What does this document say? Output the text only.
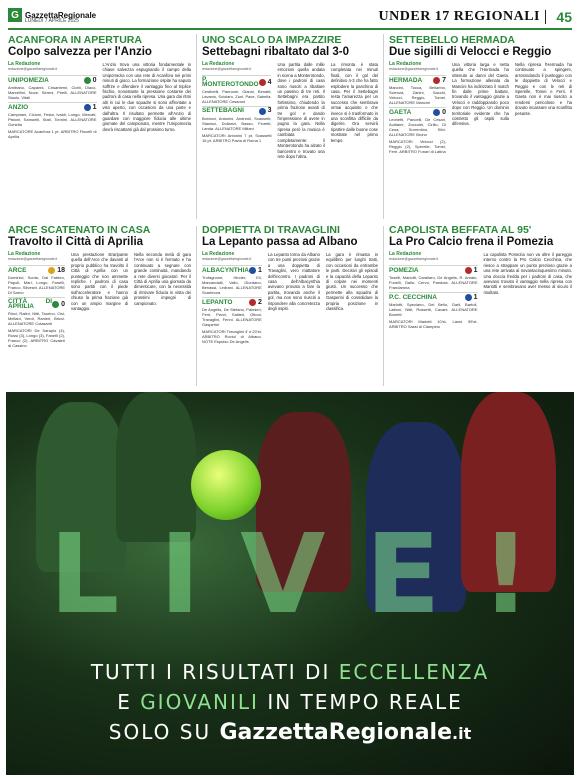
G GazzettaRegionale
LUNEDÌ 7 APRILE 2025	UNDER 17 REGIONALI 45
ACANFORA IN APERTURA
Colpo salvezza per l'Anzio
La Redazione
redazione@gazzettaregionale.it
UNIPOMEZIA	0
Amitrano, Capanni, Crisantemi, Ciotti, Diaco, Marcellini, Noce, Sereni, Pirelli. ALLENATORE Siaolo. Vitali
ANZIO	1
Campriani, Cicioni, Festa, Ivaldi, Longo, Mercati, Pistoni, Samuelli, Stati, Tonnini. ALLENATORE Gonella
MARCATORE Acanfora 1 pt. ARBITRO Fiscelli di Aprilia
L'Anzio trova una vittoria fondamentale in chiave salvezza espugnando il campo della Unipomezia con una rete di Acanfora nei primi minuti di gioco. La formazione ospite ha saputo soffrire e difendere il vantaggio fino al triplice fischio, nonostante la pressione costante dei padroni di casa nella ripresa. Una gara dai ritmi alti in cui le due squadre si sono affrontate a viso aperto, con occasioni da una parte e dall'altra. Il risultato permette all'Anzio di guardare con maggiore fiducia alle ultime giornate del campionato, mentre l'Unipomezia dovrà riscattarsi già dal prossimo turno.
UNO SCALO DA IMPAZZIRE
Settebagni ribaltato dal 3-0
La Redazione
redazione@gazzettaregionale.it
P. MONTEROTONDO 4
Cestinelli, Pannone, Gianni, Benatti, Lavanio, Sciolaro, Zuni, Pace, Sabella. ALLENATORE Cesaroni
SETTEBAGNI	3
Bordoni, Antonini, Andreoli, Scassetti, Stanisci, Dollarizi, Basso, Fioretti, Landa. ALLENATORE Miliani
MARCATORI Antonini 7 pt, Scassetti 16 pt. ARBITRO Pavia di Roma 1
Una partita dalle mille emozioni quella andata in scena a Monterotondo, dove i padroni di casa sono riusciti a ribaltare un passivo di tre reti. Il Settebagni era partito fortissimo, chiudendo la prima frazione avanti di tre gol e dando l'impressione di avere in pugno la gara. Nella ripresa però la musica è cambiata completamente: il Monterotondo ha alzato il baricentro e trovato una rete dopo l'altra.
La rimonta è stata completata nei minuti finali, con il gol del definitivo 4-3 che ha fatto esplodere la panchina di casa. Per il Settebagni resta l'amarezza per un successo che sembrava ormai acquisito e che invece si è trasformato in una sconfitta difficile da digerire. Ora servirà ripartire dalle buone cose mostrate nel primo tempo.
SETTEBELLO HERMADA
Due sigilli di Velocci e Reggio
La Redazione
redazione@gazzettaregionale.it
HERMADA	7
Mancini, Tocca, Bellarino, Scienza, Zanini, Sacchi, Velocci, Reggio, Tomei. ALLENATORE Mancini
GAETA	0
Leonetti, Pancelli, De Cesari, Aulitane, Zoccolei, Cirillo, Di Cesa, Sorrentino, Silvi. ALLENATORE Bruno
MARCATORI Velocci (2), Reggio (2), Sperelle, Tomei, Ferri. ARBITRO Funari di Latina
Una vittoria larga e netta quella che l'Hermada ha ottenuto ai danni del Gaeta. La formazione allenata da Mancini ha indirizzato il match fin dalle prime battute, trovando il vantaggio grazie a Velocci e raddoppiando poco dopo con Reggio. Un dominio territoriale evidente che ha costretto gli ospiti sulla difensiva.
Nella ripresa l'Hermada ha continuato a spingere, arrotondando il punteggio con le doppiette di Velocci e Reggio e con le reti di Sperelle, Tomei e Ferri. Il Gaeta non è mai riuscito a rendersi pericoloso e ha dovuto incassare una sconfitta pesante.
ARCE SCATENATO IN CASA
Travolto il Città di Aprilia
La Redazione
redazione@gazzettaregionale.it
ARCE	18
Dominici, Sonia, Dal Fabbro, Papoli, Mari, Longo, Fanelli, Franco, Silvestri. ALLENATORE Di Sarrio
CITTÀ DI APRILIA	0
Rinci, Ratini, Nitti, Taurino, Cisi, Mellani, Verdi, Ranieri, Bricci. ALLENATORE Colasanti
MARCATORI De Sarapio (4), Rossi (3), Longo (3), Fanelli (2), Franco (2). ARBITRO Cavaleri di Cassino
Una prestazione straripante quella dell'Arce che davanti al proprio pubblico ha travolto il Città di Aprilia con un punteggio che non ammette repliche. I padroni di casa sono partiti con il piede sull'acceleratore e hanno chiuso la prima frazione già con un ampio margine di vantaggio.
Nella seconda metà di gara l'Arce non si è fermato e ha continuato a segnare con grande continuità, mandando a rete diversi giocatori. Per il Città di Aprilia una giornata da dimenticare, con la necessità di ritrovare fiducia in vista dei prossimi impegni di campionato.
DOPPIETTA DI TRAVAGLINI
La Lepanto passa ad Albano
La Redazione
redazione@gazzettaregionale.it
ALBACYNTHIA 1
Trofagnone, Hinder, Eli, Marcandalli, Vallo, Giordano, Benassi, Ledrani. ALLENATORE Scarimora
LEPANTO	2
De Angelis, De Stefano, Palmieri, Ferri, Pezzi, Saltieri, Ottoni, Travaglini, Fenni. ALLENATORE Gasperini
MARCATORI Travaglini 4' e 20'st. ARBITRO Roviul di Albano. NOTE Espulso De Angelis
La Lepanto torna da Albano con tre punti preziosi grazie a una doppietta di Travaglini, vero mattatore dell'incontro. I padroni di casa dell'Albacynthia avevano provato a fare la partita, trovando anche il gol, ma non sono riusciti a rispondere alla concretezza degli ospiti.
La gara è rimasta in equilibrio per lunghi tratti, con occasioni da entrambe le parti. Decisivi gli episodi e la capacità della Lepanto di colpire nei momenti giusti. Un successo che permette alla squadra di Gasperini di consolidare la propria posizione in classifica.
CAPOLISTA BEFFATA AL 95'
La Pro Calcio frena il Pomezia
La Redazione
redazione@gazzettaregionale.it
POMEZIA	1
Toselli, Mariotti, Carallaro, De Angelis, R. Amato, Funelli, Gallo, Cervo, Pandola. ALLENATORE Frandamna
P.C. CECCHINA	1
Mariotti, Speziano, Del Bello, Garli, Bartoli, Lattoni, Nitti, Rossetti, Cavani. ALLENATORE Bonetti
MARCATORI Mariotti 10'st, Lanni 95'st. ARBITRO Sassi di Ciampino
La capolista Pomezia non va oltre il pareggio interno contro la Pro Calcio Cecchina, che riesce a strappare un punto prezioso grazie a una rete arrivata al novantacinquesimo minuto. Una doccia fredda per i padroni di casa, che avevano trovato il vantaggio nella ripresa con Mariotti e sembravano aver messo al sicuro il risultato.
L I V E !
TUTTI I RISULTATI DI ECCELLENZA
E GIOVANILI IN TEMPO REALE
SOLO SU GazzettaRegionale.it
